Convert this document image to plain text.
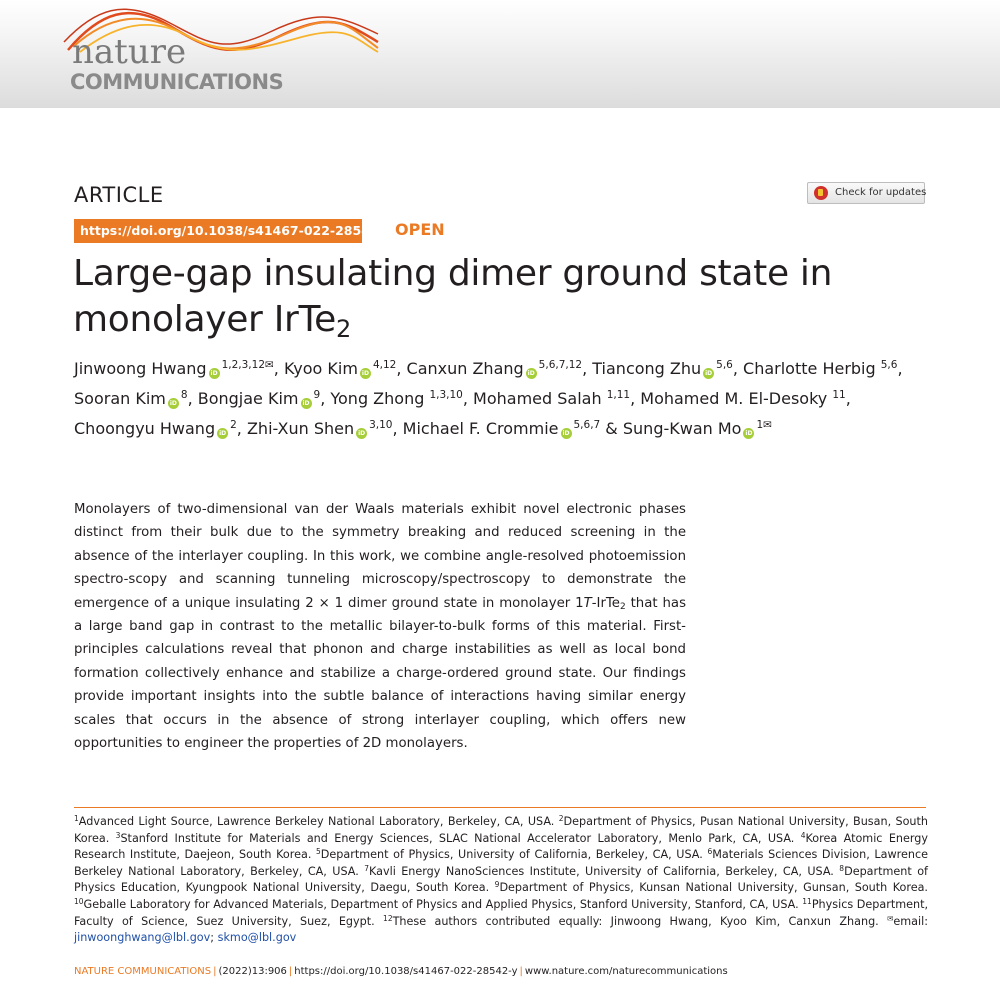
nature
COMMUNICATIONS
ARTICLE	Check for updates
https://doi.org/10.1038/s41467-022-28542-y OPEN
Large-gap insulating dimer ground state in
monolayer IrTe$_2$
Jinwoong Hwang $iD^{1,2,3,12✉}$, Kyoo Kim iD$^{4,12}$, Canxun Zhang iD$^{5,6,7,12}$, Tiancong Zhu iD$^{5,6}$, Charlotte Herbig $^{5,6}$, Sooran Kim $iD^8$, Bongjae Kim $iD^9$, Yong Zhong $^{1,3,10}$, Mohamed Salah $^{1,11}$, Mohamed M. El-Desoky $^{11}$, Choongyu Hwang $iD^2$, Zhi-Xun Shen iD$^{3,10}$, Michael F. Crommie iD$^{5,6,7}$ & Sung-Kwan Mo $iD^{1✉}$
Monolayers of two-dimensional van der Waals materials exhibit novel electronic phases distinct from their bulk due to the symmetry breaking and reduced screening in the absence of the interlayer coupling. In this work, we combine angle-resolved photoemission spectro-scopy and scanning tunneling microscopy/spectroscopy to demonstrate the emergence of a unique insulating 2 × 1 dimer ground state in monolayer 1T-IrTe$_2$ that has a large band gap in contrast to the metallic bilayer-to-bulk forms of this material. First-principles calculations reveal that phonon and charge instabilities as well as local bond formation collectively enhance and stabilize a charge-ordered ground state. Our findings provide important insights into the subtle balance of interactions having similar energy scales that occurs in the absence of strong interlayer coupling, which offers new opportunities to engineer the properties of 2D monolayers.
$^1$Advanced Light Source, Lawrence Berkeley National Laboratory, Berkeley, CA, USA. $^2$Department of Physics, Pusan National University, Busan, South Korea. $^3$Stanford Institute for Materials and Energy Sciences, SLAC National Accelerator Laboratory, Menlo Park, CA, USA. $^4$Korea Atomic Energy Research Institute, Daejeon, South Korea. $^5$Department of Physics, University of California, Berkeley, CA, USA. $^6$Materials Sciences Division, Lawrence Berkeley National Laboratory, Berkeley, CA, USA. $^7$Kavli Energy NanoSciences Institute, University of California, Berkeley, CA, USA. $^8$Department of Physics Education, Kyungpook National University, Daegu, South Korea. $^9$Department of Physics, Kunsan National University, Gunsan, South Korea. $^{10}$Geballe Laboratory for Advanced Materials, Department of Physics and Applied Physics, Stanford University, Stanford, CA, USA. $^{11}$Physics Department, Faculty of Science, Suez University, Suez, Egypt. $^{12}$These authors contributed equally: Jinwoong Hwang, Kyoo Kim, Canxun Zhang. ✉email: jinwoonghwang@lbl.gov; skmo@lbl.gov
NATURE COMMUNICATIONS | (2022)13:906 | https://doi.org/10.1038/s41467-022-28542-y | www.nature.com/naturecommunications
